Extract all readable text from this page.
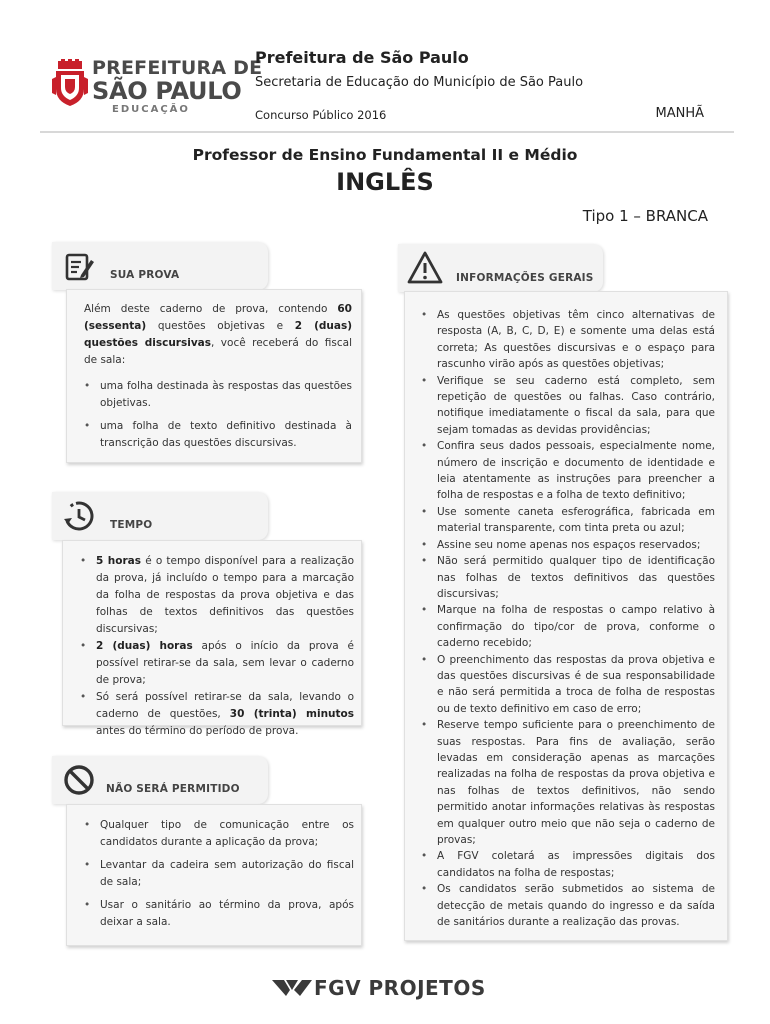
PREFEITURA DE
SÃO PAULO
EDUCAÇÃO
Prefeitura de São Paulo
Secretaria de Educação do Município de São Paulo
Concurso Público 2016	MANHÃ
Professor de Ensino Fundamental II e Médio
INGLÊS
Tipo 1 – BRANCA
SUA PROVA

Além deste caderno de prova, contendo 60 (sessenta) questões objetivas e 2 (duas) questões discursivas, você receberá do fiscal de sala:

• uma folha destinada às respostas das questões objetivas.
• uma folha de texto definitivo destinada à transcrição das questões discursivas.
TEMPO
• 5 horas é o tempo disponível para a realização da prova, já incluído o tempo para a marcação da folha de respostas da prova objetiva e das folhas de textos definitivos das questões discursivas;
• 2 (duas) horas após o início da prova é possível retirar-se da sala, sem levar o caderno de prova;
• Só será possível retirar-se da sala, levando o caderno de questões, 30 (trinta) minutos antes do término do período de prova.
NÃO SERÁ PERMITIDO
• Qualquer tipo de comunicação entre os candidatos durante a aplicação da prova;
• Levantar da cadeira sem autorização do fiscal de sala;
• Usar o sanitário ao término da prova, após deixar a sala.
INFORMAÇÕES GERAIS
• As questões objetivas têm cinco alternativas de resposta (A, B, C, D, E) e somente uma delas está correta; As questões discursivas e o espaço para rascunho virão após as questões objetivas;
• Verifique se seu caderno está completo, sem repetição de questões ou falhas. Caso contrário, notifique imediatamente o fiscal da sala, para que sejam tomadas as devidas providências;
• Confira seus dados pessoais, especialmente nome, número de inscrição e documento de identidade e leia atentamente as instruções para preencher a folha de respostas e a folha de texto definitivo;
• Use somente caneta esferográfica, fabricada em material transparente, com tinta preta ou azul;
• Assine seu nome apenas nos espaços reservados;
• Não será permitido qualquer tipo de identificação nas folhas de textos definitivos das questões discursivas;
• Marque na folha de respostas o campo relativo à confirmação do tipo/cor de prova, conforme o caderno recebido;
• O preenchimento das respostas da prova objetiva e das questões discursivas é de sua responsabilidade e não será permitida a troca de folha de respostas ou de texto definitivo em caso de erro;
• Reserve tempo suficiente para o preenchimento de suas respostas. Para fins de avaliação, serão levadas em consideração apenas as marcações realizadas na folha de respostas da prova objetiva e nas folhas de textos definitivos, não sendo permitido anotar informações relativas às respostas em qualquer outro meio que não seja o caderno de provas;
• A FGV coletará as impressões digitais dos candidatos na folha de respostas;
• Os candidatos serão submetidos ao sistema de detecção de metais quando do ingresso e da saída de sanitários durante a realização das provas.
FGV PROJETOS
